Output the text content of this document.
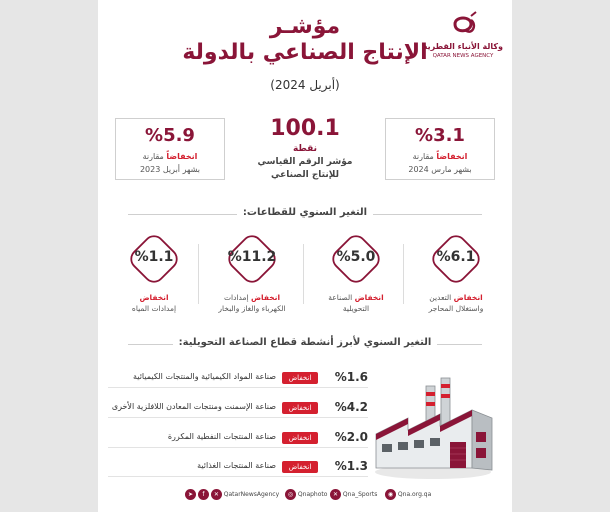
وكالة الأنباء القطرية
QATAR NEWS AGENCY
مؤشـر
الإنتاج الصناعي بالدولة
(أبريل 2024)
%3.1
انخفاضاً مقارنة
بشهر مارس 2024
100.1
نقطة
مؤشر الرقم القياسي
للإنتاج الصناعي
%5.9
انخفاضاً مقارنة
بشهر أبريل 2023
التغير السنوي للقطاعات:
%6.1
انخفاض التعدين
واستغلال المحاجر
%5.0
انخفاض الصناعة
التحويلية
%11.2
انخفاض إمدادات
الكهرباء والغاز والبخار
%1.1
انخفاض
إمدادات المياه
التغير السنوي لأبرز أنشطة قطاع الصناعة التحويلية:
%1.6
انخفاض
صناعة المواد الكيميائية والمنتجات الكيميائية
%4.2
انخفاض
صناعة الإسمنت ومنتجات المعادن اللافلزية الأخرى
%2.0
انخفاض
صناعة المنتجات النفطية المكررة
%1.3
انخفاض
صناعة المنتجات الغذائية
➤ f ✕ QatarNewsAgency	◎ Qnaphoto ✕ Qna_Sports	◉ Qna.org.qa
